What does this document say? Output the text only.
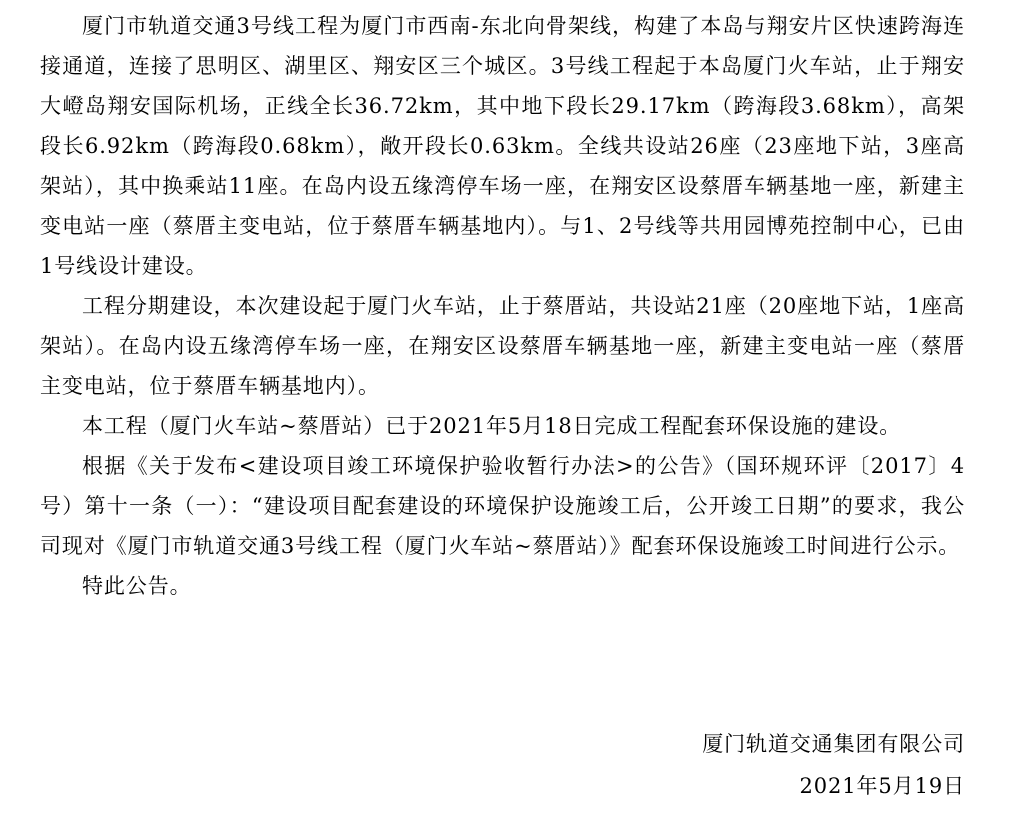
厦门市轨道交通3号线工程为厦门市西南-东北向骨架线，构建了本岛与翔安片区快速跨海连接通道，连接了思明区、湖里区、翔安区三个城区。3号线工程起于本岛厦门火车站，止于翔安大嶝岛翔安国际机场，正线全长36.72km，其中地下段长29.17km（跨海段3.68km），高架段长6.92km（跨海段0.68km），敞开段长0.63km。全线共设站26座（23座地下站，3座高架站），其中换乘站11座。在岛内设五缘湾停车场一座，在翔安区设蔡厝车辆基地一座，新建主变电站一座（蔡厝主变电站，位于蔡厝车辆基地内）。与1、2号线等共用园博苑控制中心，已由1号线设计建设。

工程分期建设，本次建设起于厦门火车站，止于蔡厝站，共设站21座（20座地下站，1座高架站）。在岛内设五缘湾停车场一座，在翔安区设蔡厝车辆基地一座，新建主变电站一座（蔡厝主变电站，位于蔡厝车辆基地内）。

本工程（厦门火车站~蔡厝站）已于2021年5月18日完成工程配套环保设施的建设。

根据《关于发布<建设项目竣工环境保护验收暂行办法>的公告》（国环规环评〔2017〕4号）第十一条（一）：“建设项目配套建设的环境保护设施竣工后，公开竣工日期”的要求，我公司现对《厦门市轨道交通3号线工程（厦门火车站~蔡厝站）》配套环保设施竣工时间进行公示。

特此公告。

厦门轨道交通集团有限公司
2021年5月19日
